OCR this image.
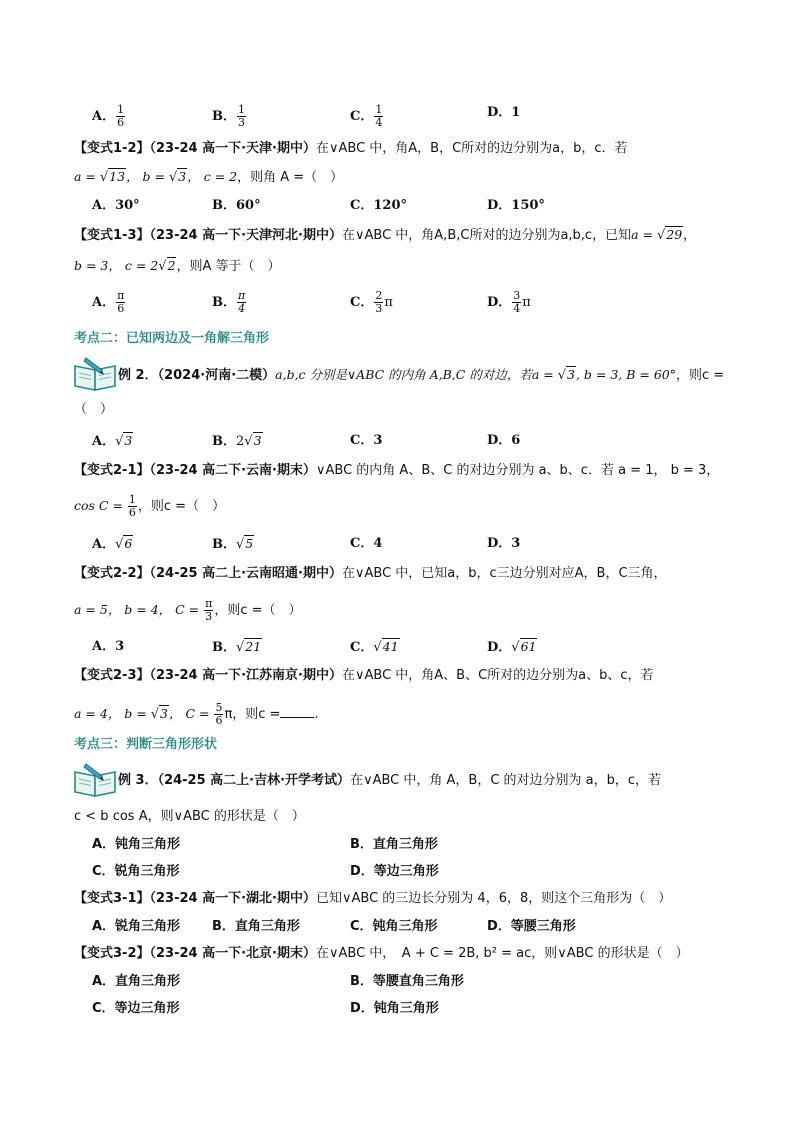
A． $\frac{1}{6}$	B． $\frac{1}{3}$	C． $\frac{1}{4}$	D．1
【变式1-2】（23-24 高一下·天津·期中）在∨ABC 中，角A，B，C所对的边分别为a，b，c．若
a = √13， b = √3， c = 2，则角 A =（　）
A．30°	B．60°	C．120°	D．150°
【变式1-3】（23-24 高一下·天津河北·期中）在∨ABC 中，角A,B,C所对的边分别为a,b,c，已知a = √29，
b = 3， c = 2√2，则A 等于（　）
A． $\frac{\pi}{6}$	B． $\frac{\pi}{4}$	C． $\frac{2}{3}$ π	D． $\frac{3}{4}$ π
考点二：已知两边及一角解三角形
例 2．（2024·河南·二模）a,b,c 分别是∨ABC 的内角 A,B,C 的对边，若a = √3, b = 3, B = 60°，则c =
（　）
A．√3	B．2√3	C．3	D．6
【变式2-1】（23-24 高二下·云南·期末）∨ABC 的内角 A、B、C 的对边分别为 a、b、c．若 a = 1， b = 3，
$\cos C = \frac{1}{6}$ ，则c =（　）
A．√6	B．√5	C．4	D．3
【变式2-2】（24-25 高二上·云南昭通·期中）在∨ABC 中，已知a，b，c三边分别对应A，B，C三角，
a = 5， b = 4， $C = \frac{\pi}{3}$ ，则c =（　）
A．3	B．√21	C．√41	D．√61
【变式2-3】（23-24 高一下·江苏南京·期中）在∨ABC 中，角A、B、C所对的边分别为a、b、c，若
a = 4， b = √3， $C = \frac{5}{6}$ π，则c =	.
考点三：判断三角形形状
例 3．（24-25 高二上·吉林·开学考试）在∨ABC 中，角 A，B，C 的对边分别为 a，b，c，若
c < b cos A，则∨ABC 的形状是（　）
A．钝角三角形	B．直角三角形
C．锐角三角形	D．等边三角形
【变式3-1】（23-24 高一下·湖北·期中）已知∨ABC 的三边长分别为 4，6，8，则这个三角形为（　）
A．锐角三角形 B．直角三角形	C．钝角三角形	D．等腰三角形
【变式3-2】（23-24 高一下·北京·期末）在∨ABC 中，　A + C = 2B, b² = ac，则∨ABC 的形状是（　）
A．直角三角形	B．等腰直角三角形
C．等边三角形	D．钝角三角形
